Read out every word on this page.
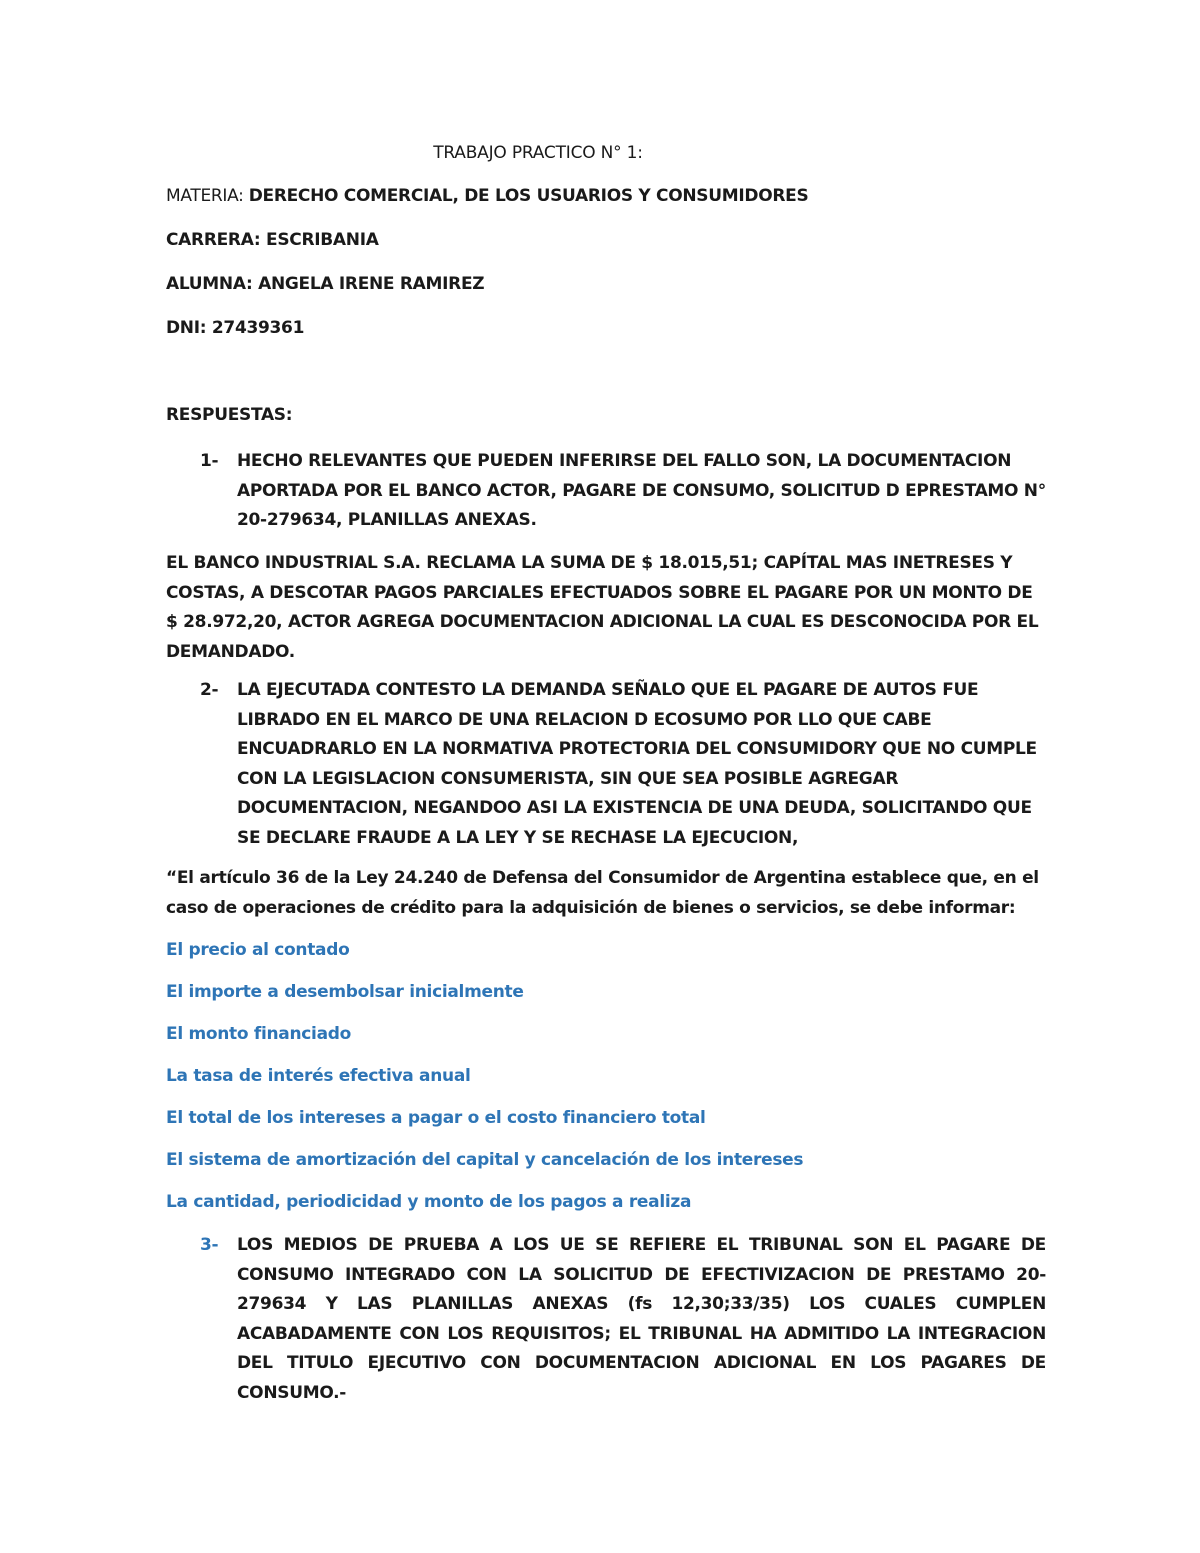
TRABAJO PRACTICO N° 1:
MATERIA: DERECHO COMERCIAL, DE LOS USUARIOS Y CONSUMIDORES
CARRERA: ESCRIBANIA
ALUMNA: ANGELA IRENE RAMIREZ
DNI: 27439361
RESPUESTAS:
1- HECHO RELEVANTES QUE PUEDEN INFERIRSE DEL FALLO SON, LA DOCUMENTACION APORTADA POR EL BANCO ACTOR, PAGARE DE CONSUMO, SOLICITUD D EPRESTAMO N° 20-279634, PLANILLAS ANEXAS.
EL BANCO INDUSTRIAL S.A. RECLAMA LA SUMA DE $ 18.015,51; CAPÍTAL MAS INETRESES Y COSTAS, A DESCOTAR PAGOS PARCIALES EFECTUADOS SOBRE EL PAGARE POR UN MONTO DE $ 28.972,20, ACTOR AGREGA DOCUMENTACION ADICIONAL LA CUAL ES DESCONOCIDA POR EL DEMANDADO.
2- LA EJECUTADA CONTESTO LA DEMANDA SEÑALO QUE EL PAGARE DE AUTOS FUE LIBRADO EN EL MARCO DE UNA RELACION D ECOSUMO POR LLO QUE CABE ENCUADRARLO EN LA NORMATIVA PROTECTORIA DEL CONSUMIDORY QUE NO CUMPLE CON LA LEGISLACION CONSUMERISTA, SIN QUE SEA POSIBLE AGREGAR DOCUMENTACION, NEGANDOO ASI LA EXISTENCIA DE UNA DEUDA, SOLICITANDO QUE SE DECLARE FRAUDE A LA LEY Y SE RECHASE LA EJECUCION,
“El artículo 36 de la Ley 24.240 de Defensa del Consumidor de Argentina establece que, en el caso de operaciones de crédito para la adquisición de bienes o servicios, se debe informar:
El precio al contado
El importe a desembolsar inicialmente
El monto financiado
La tasa de interés efectiva anual
El total de los intereses a pagar o el costo financiero total
El sistema de amortización del capital y cancelación de los intereses
La cantidad, periodicidad y monto de los pagos a realiza
3- LOS MEDIOS DE PRUEBA A LOS UE SE REFIERE EL TRIBUNAL SON EL PAGARE DE CONSUMO INTEGRADO CON LA SOLICITUD DE EFECTIVIZACION DE PRESTAMO 20-279634 Y LAS PLANILLAS ANEXAS (fs 12,30;33/35) LOS CUALES CUMPLEN ACABADAMENTE CON LOS REQUISITOS; EL TRIBUNAL HA ADMITIDO LA INTEGRACION DEL TITULO EJECUTIVO CON DOCUMENTACION ADICIONAL EN LOS PAGARES DE CONSUMO.-
